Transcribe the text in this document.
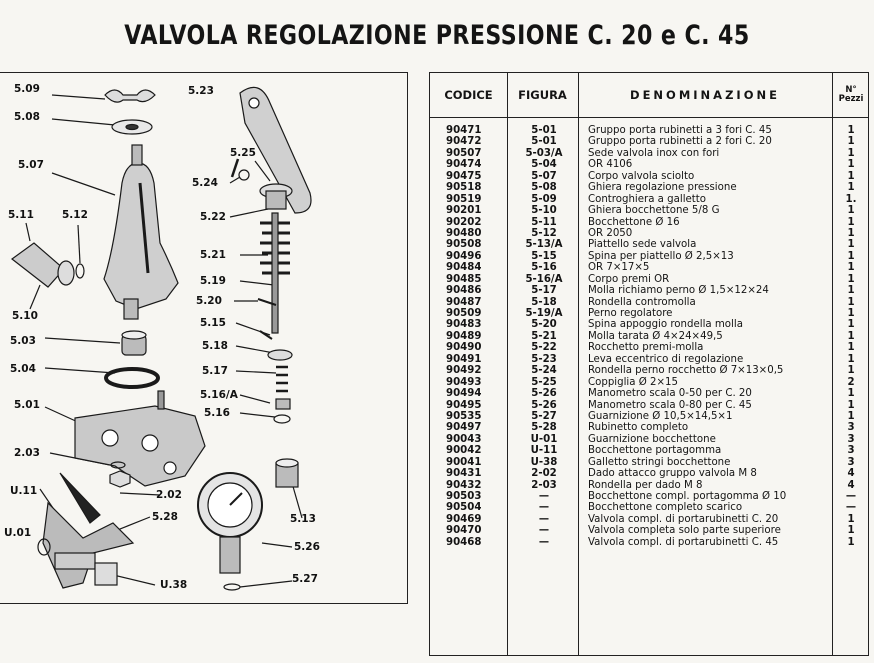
VALVOLA REGOLAZIONE PRESSIONE C. 20 e C. 45
5.09
5.08
5.07
5.11	5.12
5.10
5.03
5.04
5.01
2.03
U.11
U.01
5.23
5.25
5.24
5.22
5.21
5.19
5.20
5.15
5.18
5.17
5.16/A
5.16
2.02
5.28	5.13
5.26
5.27
U.38
CODICE	FIGURA	DENOMINAZIONE	N°
Pezzi
90471	5-01	Gruppo porta rubinetti a 3 fori C. 45	1
90472	5-01	Gruppo porta rubinetti a 2 fori C. 20	1
90507	5-03/A	Sede valvola inox con fori	1
90474	5-04	OR 4106	1
90475	5-07	Corpo valvola sciolto	1
90518	5-08	Ghiera regolazione pressione	1
90519	5-09	Controghiera a galletto	1.
90201	5-10	Ghiera bocchettone 5/8 G	1
90202	5-11	Bocchettone Ø 16	1
90480	5-12	OR 2050	1
90508	5-13/A	Piattello sede valvola	1
90496	5-15	Spina per piattello Ø 2,5×13	1
90484	5-16	OR 7×17×5	1
90485	5-16/A	Corpo premi OR	1
90486	5-17	Molla richiamo perno Ø 1,5×12×24	1
90487	5-18	Rondella contromolla	1
90509	5-19/A	Perno regolatore	1
90483	5-20	Spina appoggio rondella molla	1
90489	5-21	Molla tarata Ø 4×24×49,5	1
90490	5-22	Rocchetto premi-molla	1
90491	5-23	Leva eccentrico di regolazione	1
90492	5-24	Rondella perno rocchetto Ø 7×13×0,5	1
90493	5-25	Coppiglia Ø 2×15	2
90494	5-26	Manometro scala 0-50 per C. 20	1
90495	5-26	Manometro scala 0-80 per C. 45	1
90535	5-27	Guarnizione Ø 10,5×14,5×1	1
90497	5-28	Rubinetto completo	3
90043	U-01	Guarnizione bocchettone	3
90042	U-11	Bocchettone portagomma	3
90041	U-38	Galletto stringi bocchettone	3
90431	2-02	Dado attacco gruppo valvola M 8	4
90432	2-03	Rondella per dado M 8	4
90503	—	Bocchettone compl. portagomma Ø 10	—
90504	—	Bocchettone completo scarico	—
90469	—	Valvola compl. di portarubinetti C. 20	1
90470	—	Valvola completa solo parte superiore	1
90468	—	Valvola compl. di portarubinetti C. 45	1
